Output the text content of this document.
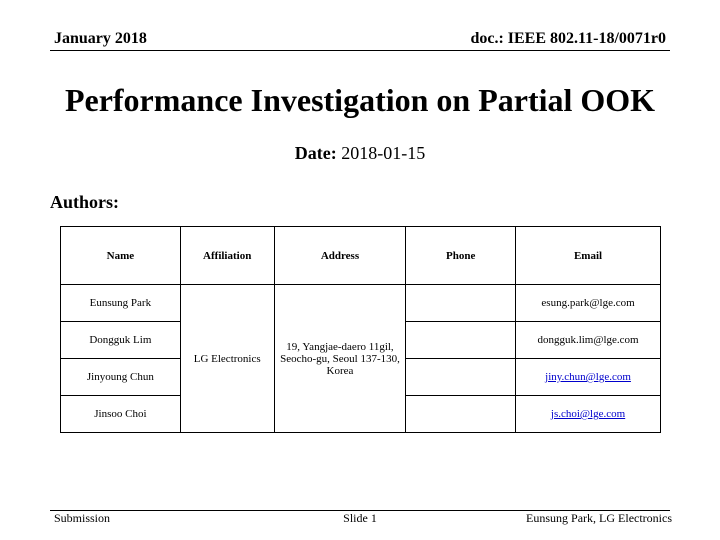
January 2018	doc.: IEEE 802.11-18/0071r0
Performance Investigation on Partial OOK
Date: 2018-01-15
Authors:
Name	Affiliation	Address	Phone	Email
Eunsung Park	LG Electronics	19, Yangjae-daero 11gil, Seocho-gu, Seoul 137-130, Korea		esung.park@lge.com
Dongguk Lim				dongguk.lim@lge.com
Jinyoung Chun				jiny.chun@lge.com
Jinsoo Choi				js.choi@lge.com
Submission	Slide 1	Eunsung Park, LG Electronics
